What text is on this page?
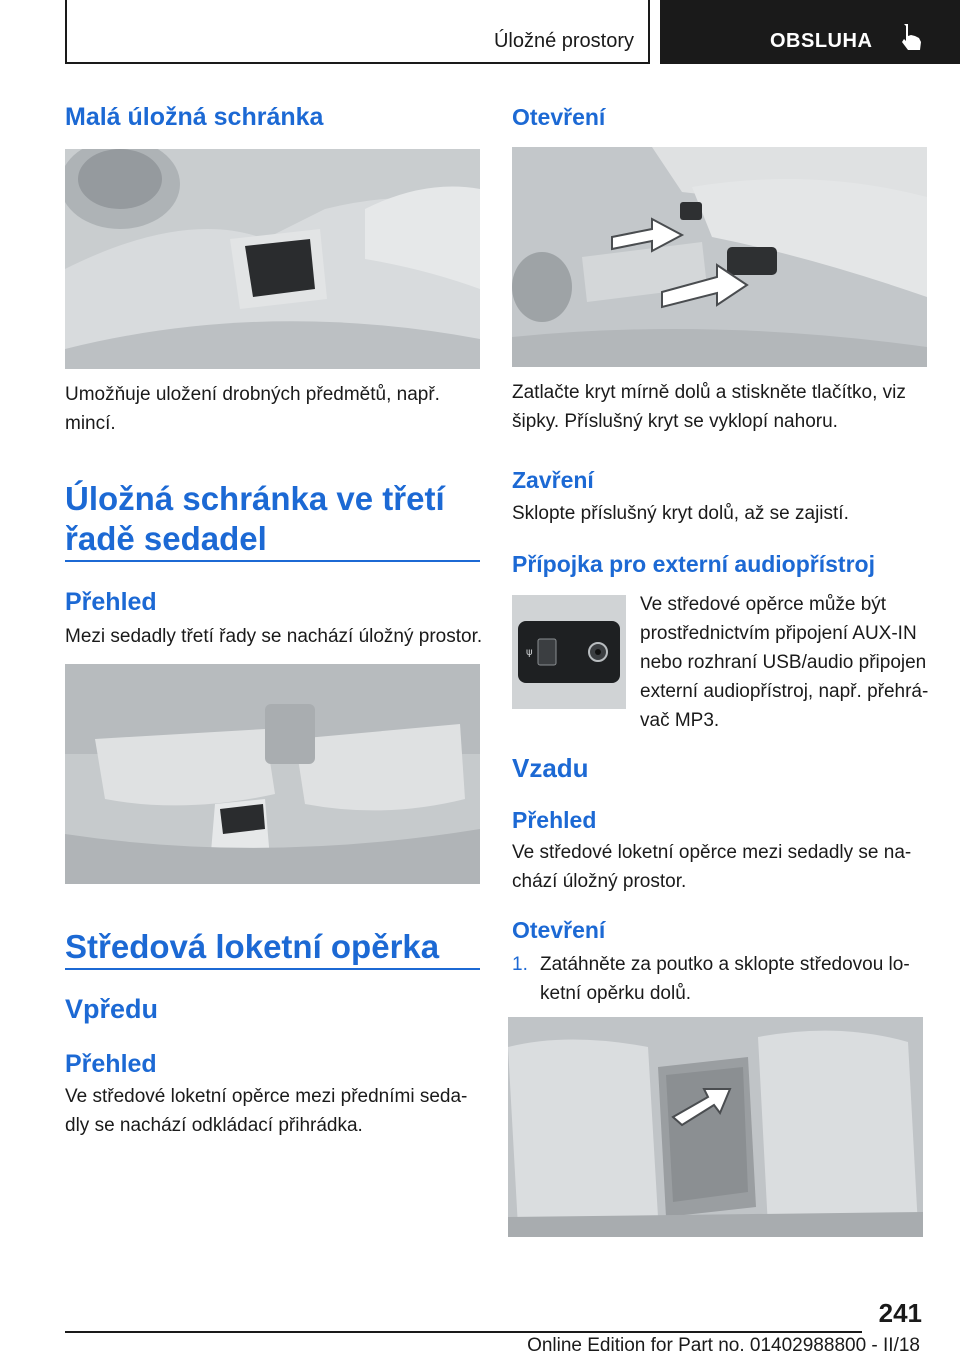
Úložné prostory	OBSLUHA
Malá úložná schránka
Umožňuje uložení drobných předmětů, např.
mincí.
Úložná schránka ve třetí
řadě sedadel
Přehled
Mezi sedadly třetí řady se nachází úložný prostor.
Středová loketní opěrka
Vpředu
Přehled
Ve středové loketní opěrce mezi předními seda-
dly se nachází odkládací přihrádka.
Otevření
Zatlačte kryt mírně dolů a stiskněte tlačítko, viz
šipky. Příslušný kryt se vyklopí nahoru.
Zavření
Sklopte příslušný kryt dolů, až se zajistí.
Přípojka pro externí audiopřístroj
ψ
Ve středové opěrce může být
prostřednictvím připojení AUX-IN
nebo rozhraní USB/audio připojen
externí audiopřístroj, např. přehrá-
vač MP3.
Vzadu
Přehled
Ve středové loketní opěrce mezi sedadly se na-
chází úložný prostor.
Otevření
1. Zatáhněte za poutko a sklopte středovou lo-
ketní opěrku dolů.
241
Online Edition for Part no. 01402988800 - II/18
